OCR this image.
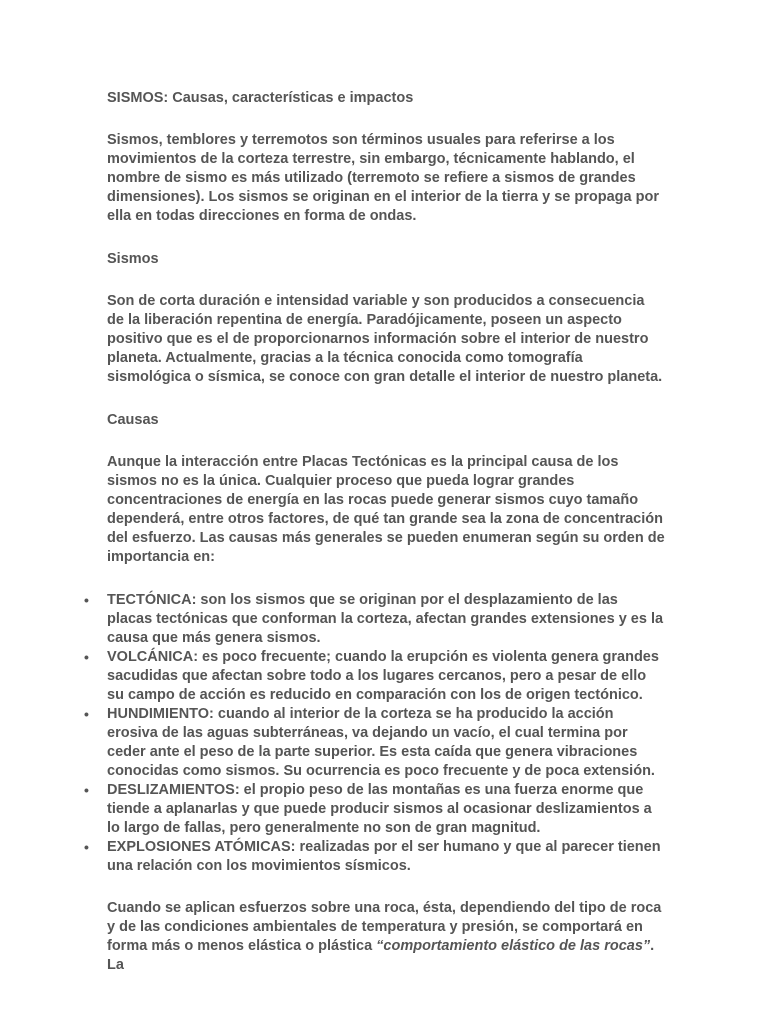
SISMOS: Causas, características e impactos

Sismos, temblores y terremotos son términos usuales para referirse a los movimientos de la corteza terrestre, sin embargo, técnicamente hablando, el nombre de sismo es más utilizado (terremoto se refiere a sismos de grandes dimensiones). Los sismos se originan en el interior de la tierra y se propaga por ella en todas direcciones en forma de ondas.

Sismos

Son de corta duración e intensidad variable y son producidos a consecuencia de la liberación repentina de energía. Paradójicamente, poseen un aspecto positivo que es el de proporcionarnos información sobre el interior de nuestro planeta. Actualmente, gracias a la técnica conocida como tomografía sismológica o sísmica, se conoce con gran detalle el interior de nuestro planeta.

Causas

Aunque la interacción entre Placas Tectónicas es la principal causa de los sismos no es la única. Cualquier proceso que pueda lograr grandes concentraciones de energía en las rocas puede generar sismos cuyo tamaño dependerá, entre otros factores, de qué tan grande sea la zona de concentración del esfuerzo. Las causas más generales se pueden enumeran según su orden de importancia en:

• TECTÓNICA: son los sismos que se originan por el desplazamiento de las placas tectónicas que conforman la corteza, afectan grandes extensiones y es la causa que más genera sismos.
• VOLCÁNICA: es poco frecuente; cuando la erupción es violenta genera grandes sacudidas que afectan sobre todo a los lugares cercanos, pero a pesar de ello su campo de acción es reducido en comparación con los de origen tectónico.
• HUNDIMIENTO: cuando al interior de la corteza se ha producido la acción erosiva de las aguas subterráneas, va dejando un vacío, el cual termina por ceder ante el peso de la parte superior. Es esta caída que genera vibraciones conocidas como sismos. Su ocurrencia es poco frecuente y de poca extensión.
• DESLIZAMIENTOS: el propio peso de las montañas es una fuerza enorme que tiende a aplanarlas y que puede producir sismos al ocasionar deslizamientos a lo largo de fallas, pero generalmente no son de gran magnitud.
• EXPLOSIONES ATÓMICAS: realizadas por el ser humano y que al parecer tienen una relación con los movimientos sísmicos.

Cuando se aplican esfuerzos sobre una roca, ésta, dependiendo del tipo de roca y de las condiciones ambientales de temperatura y presión, se comportará en forma más o menos elástica o plástica “comportamiento elástico de las rocas”. La
